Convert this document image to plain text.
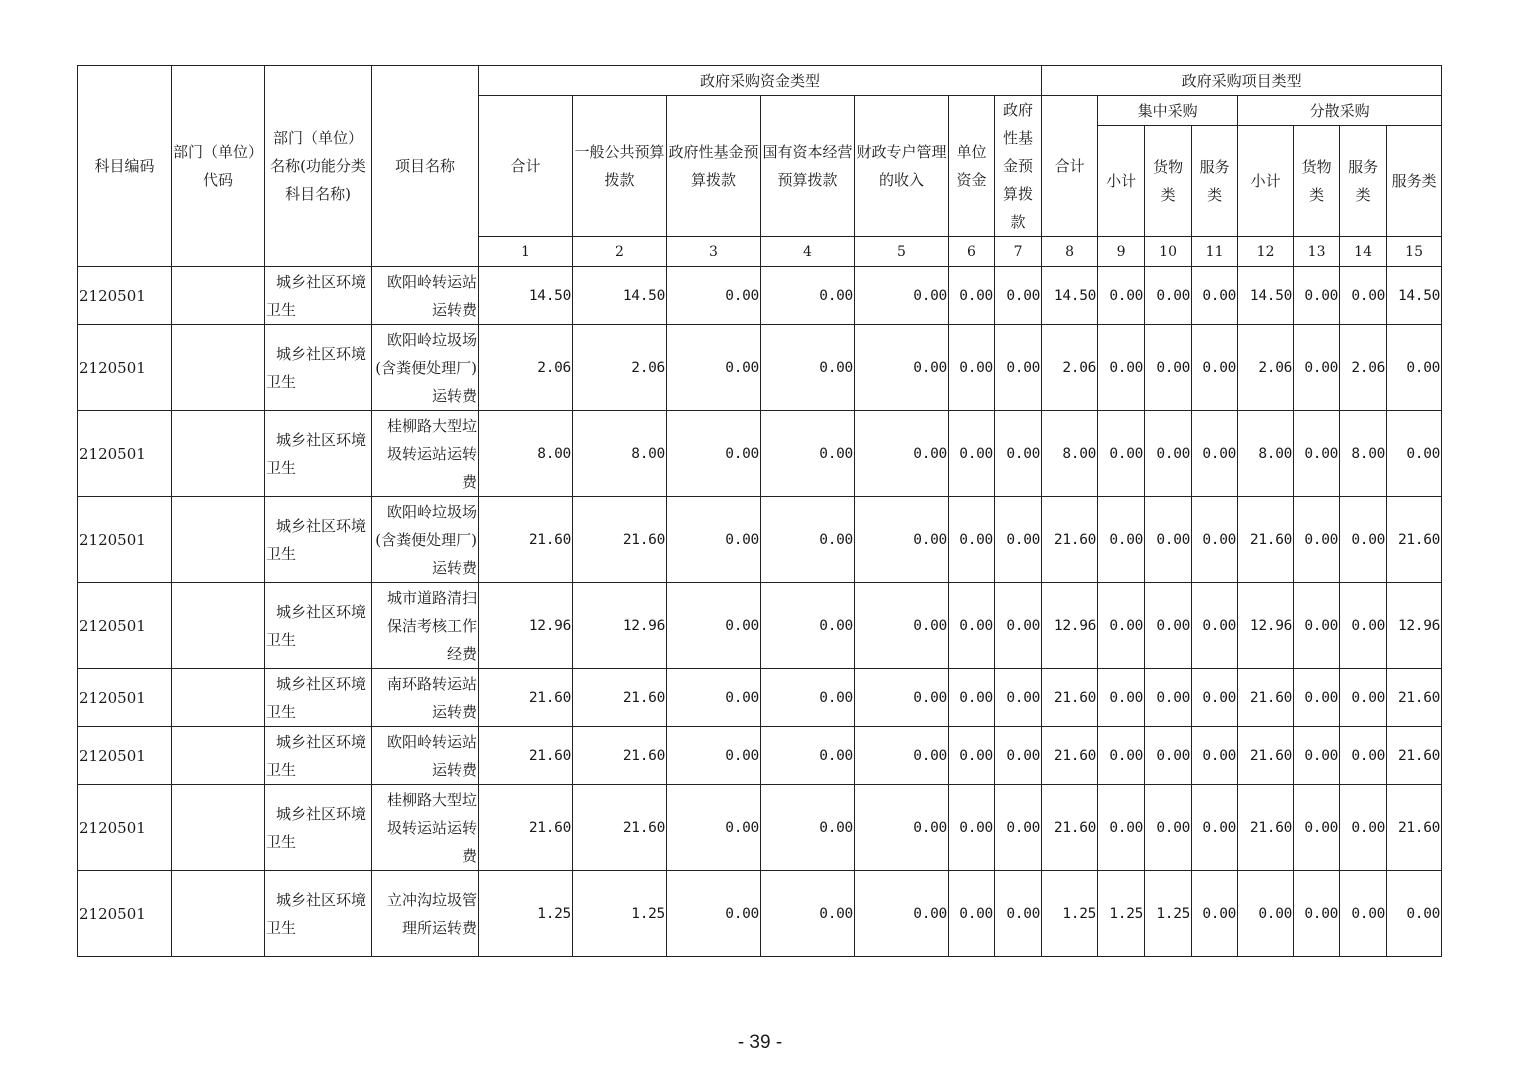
科目编码	部门（单位）代码	部门（单位）名称(功能分类科目名称)	项目名称	政府采购资金类型							政府采购项目类型							
				合计	一般公共预算拨款	政府性基金预算拨款	国有资本经营预算拨款	财政专户管理的收入	单位资金	政府性基金预算拨款	合计	集中采购			分散采购			
												小计	货物类	服务类	小计	货物类	服务类	服务类
				1	2	3	4	5	6	7	8	9	10	11	12	13	14	15
2120501		城乡社区环境卫生	欧阳岭转运站运转费	14.50	14.50	0.00	0.00	0.00	0.00	0.00	14.50	0.00	0.00	0.00	14.50	0.00	0.00	14.50
2120501		城乡社区环境卫生	欧阳岭垃圾场(含粪便处理厂)运转费	2.06	2.06	0.00	0.00	0.00	0.00	0.00	2.06	0.00	0.00	0.00	2.06	0.00	2.06	0.00
2120501		城乡社区环境卫生	桂柳路大型垃圾转运站运转费	8.00	8.00	0.00	0.00	0.00	0.00	0.00	8.00	0.00	0.00	0.00	8.00	0.00	8.00	0.00
2120501		城乡社区环境卫生	欧阳岭垃圾场(含粪便处理厂)运转费	21.60	21.60	0.00	0.00	0.00	0.00	0.00	21.60	0.00	0.00	0.00	21.60	0.00	0.00	21.60
2120501		城乡社区环境卫生	城市道路清扫保洁考核工作经费	12.96	12.96	0.00	0.00	0.00	0.00	0.00	12.96	0.00	0.00	0.00	12.96	0.00	0.00	12.96
2120501		城乡社区环境卫生	南环路转运站运转费	21.60	21.60	0.00	0.00	0.00	0.00	0.00	21.60	0.00	0.00	0.00	21.60	0.00	0.00	21.60
2120501		城乡社区环境卫生	欧阳岭转运站运转费	21.60	21.60	0.00	0.00	0.00	0.00	0.00	21.60	0.00	0.00	0.00	21.60	0.00	0.00	21.60
2120501		城乡社区环境卫生	桂柳路大型垃圾转运站运转费	21.60	21.60	0.00	0.00	0.00	0.00	0.00	21.60	0.00	0.00	0.00	21.60	0.00	0.00	21.60
2120501		城乡社区环境卫生	立冲沟垃圾管理所运转费	1.25	1.25	0.00	0.00	0.00	0.00	0.00	1.25	1.25	1.25	0.00	0.00	0.00	0.00	0.00
- 39 -
